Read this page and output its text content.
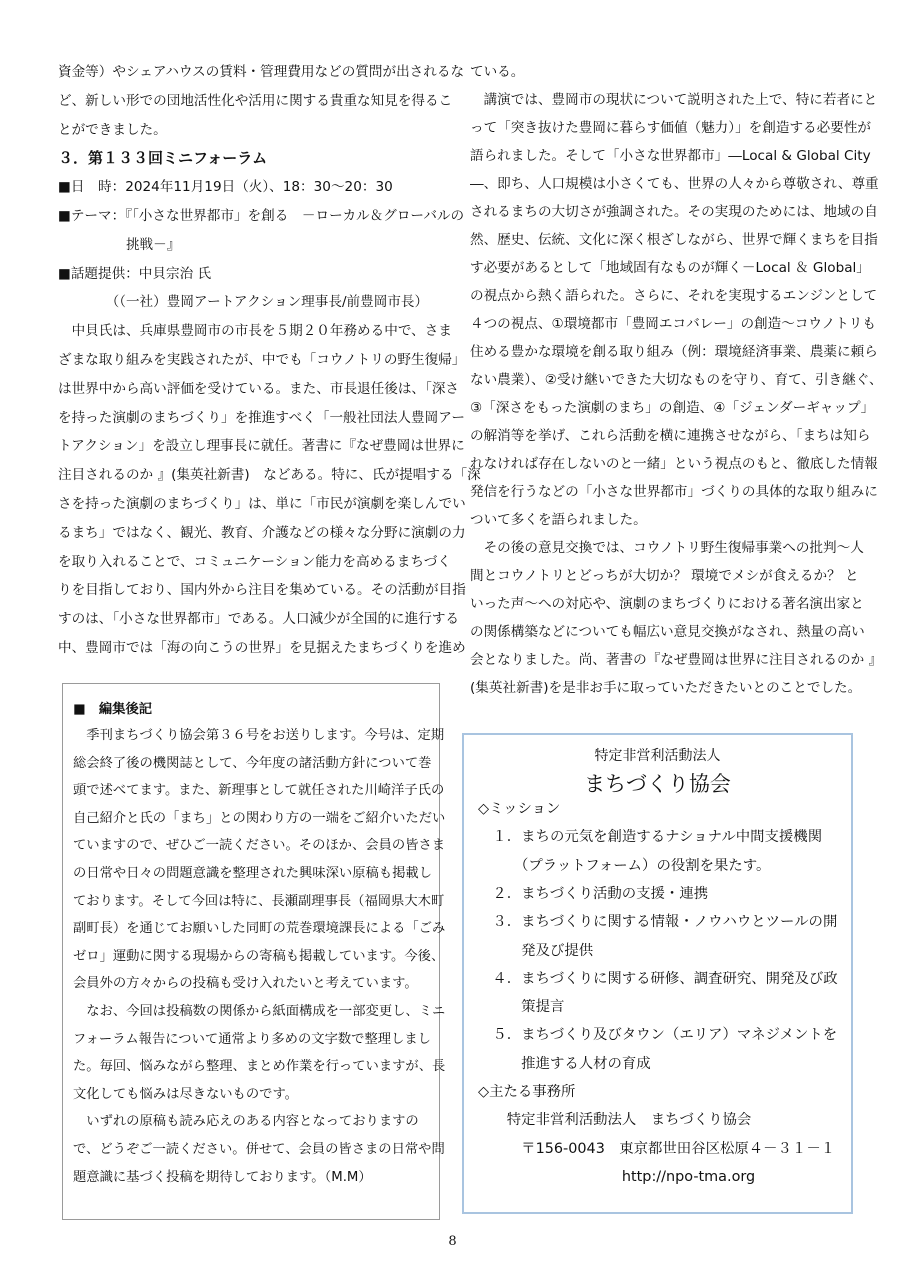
資金等）やシェアハウスの賃料・管理費用などの質問が出されるな
ど、新しい形での団地活性化や活用に関する貴重な知見を得るこ
とができました。
３．第１３３回ミニフォーラム
■日　時：2024年11月19日（火）、18：30～20：30
■テーマ：『「小さな世界都市」を創る　－ローカル＆グローバルの
　　　　　挑戦－』
■話題提供：中貝宗治 氏
　　　　（（一社）豊岡アートアクション理事長/前豊岡市長）
　中貝氏は、兵庫県豊岡市の市長を５期２０年務める中で、さま
ざまな取り組みを実践されたが、中でも「コウノトリの野生復帰」
は世界中から高い評価を受けている。また、市長退任後は、「深さ
を持った演劇のまちづくり」を推進すべく「一般社団法人豊岡アー
トアクション」を設立し理事長に就任。著書に『なぜ豊岡は世界に
注目されるのか 』(集英社新書)　などある。特に、氏が提唱する「深
さを持った演劇のまちづくり」は、単に「市民が演劇を楽しんでい
るまち」ではなく、観光、教育、介護などの様々な分野に演劇の力
を取り入れることで、コミュニケーション能力を高めるまちづく
りを目指しており、国内外から注目を集めている。その活動が目指
すのは、「小さな世界都市」である。人口減少が全国的に進行する
中、豊岡市では「海の向こうの世界」を見据えたまちづくりを進め
ている。
　講演では、豊岡市の現状について説明された上で、特に若者にと
って「突き抜けた豊岡に暮らす価値（魅力）」を創造する必要性が
語られました。そして「小さな世界都市」―Local & Global City
―、即ち、人口規模は小さくても、世界の人々から尊敬され、尊重
されるまちの大切さが強調された。その実現のためには、地域の自
然、歴史、伝統、文化に深く根ざしながら、世界で輝くまちを目指
す必要があるとして「地域固有なものが輝く－Local ＆ Global」
の視点から熱く語られた。さらに、それを実現するエンジンとして
４つの視点、①環境都市「豊岡エコバレー」の創造～コウノトリも
住める豊かな環境を創る取り組み（例：環境経済事業、農薬に頼ら
ない農業）、②受け継いできた大切なものを守り、育て、引き継ぐ、
③「深さをもった演劇のまち」の創造、④「ジェンダーギャップ」
の解消等を挙げ、これら活動を横に連携させながら、「まちは知ら
れなければ存在しないのと一緒」という視点のもと、徹底した情報
発信を行うなどの「小さな世界都市」づくりの具体的な取り組みに
ついて多くを語られました。
　その後の意見交換では、コウノトリ野生復帰事業への批判～人
間とコウノトリとどっちが大切か？ 環境でメシが食えるか？ と
いった声～への対応や、演劇のまちづくりにおける著名演出家と
の関係構築などについても幅広い意見交換がなされ、熱量の高い
会となりました。尚、著書の『なぜ豊岡は世界に注目されるのか 』
(集英社新書)を是非お手に取っていただきたいとのことでした。
■　編集後記
　季刊まちづくり協会第３６号をお送りします。今号は、定期
総会終了後の機関誌として、今年度の諸活動方針について巻
頭で述べてます。また、新理事として就任された川崎洋子氏の
自己紹介と氏の「まち」との関わり方の一端をご紹介いただい
ていますので、ぜひご一読ください。そのほか、会員の皆さま
の日常や日々の問題意識を整理された興味深い原稿も掲載し
ております。そして今回は特に、長瀬副理事長（福岡県大木町
副町長）を通じてお願いした同町の荒巻環境課長による「ごみ
ゼロ」運動に関する現場からの寄稿も掲載しています。今後、
会員外の方々からの投稿も受け入れたいと考えています。
　なお、今回は投稿数の関係から紙面構成を一部変更し、ミニ
フォーラム報告について通常より多めの文字数で整理しまし
た。毎回、悩みながら整理、まとめ作業を行っていますが、長
文化しても悩みは尽きないものです。
　いずれの原稿も読み応えのある内容となっておりますの
で、どうぞご一読ください。併せて、会員の皆さまの日常や問
題意識に基づく投稿を期待しております。（M.M）
特定非営利活動法人
まちづくり協会
◇ミッション
　１．まちの元気を創造するナショナル中間支援機関
　　　（プラットフォーム）の役割を果たす。
　２．まちづくり活動の支援・連携
　３．まちづくりに関する情報・ノウハウとツールの開
　　　発及び提供
　４．まちづくりに関する研修、調査研究、開発及び政
　　　策提言
　５．まちづくり及びタウン（エリア）マネジメントを
　　　推進する人材の育成
◇主たる事務所
　　特定非営利活動法人　まちづくり協会
　　　〒156-0043　東京都世田谷区松原４－３１－１
　　　　　　　　　　http://npo-tma.org
8
